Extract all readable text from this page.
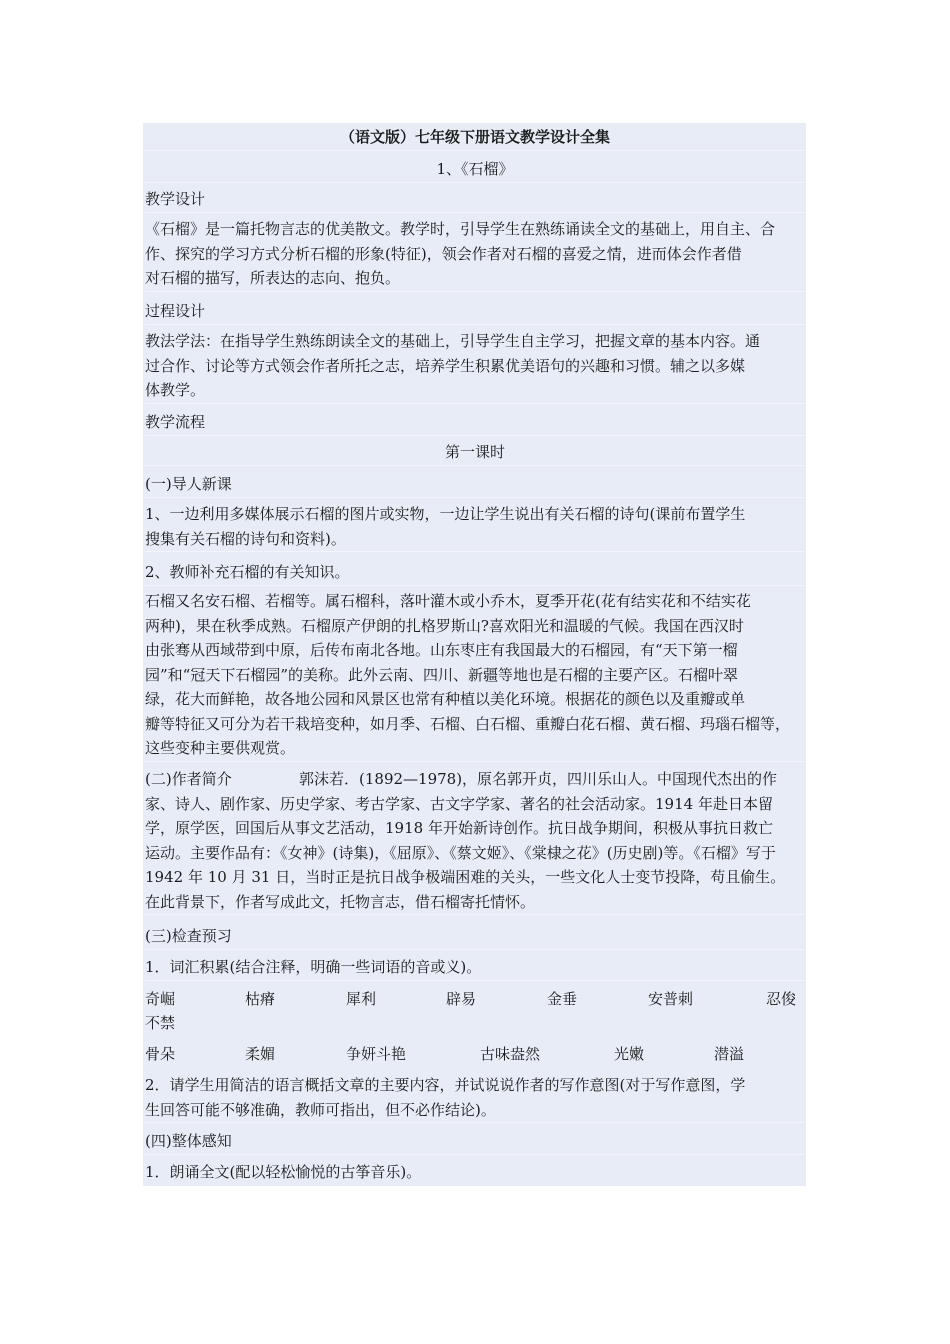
（语文版）七年级下册语文教学设计全集
1、《石榴》
教学设计
《石榴》是一篇托物言志的优美散文。教学时，引导学生在熟练诵读全文的基础上，用自主、合
作、探究的学习方式分析石榴的形象(特征)，领会作者对石榴的喜爱之情，进而体会作者借
对石榴的描写，所表达的志向、抱负。
过程设计
教法学法：在指导学生熟练朗读全文的基础上，引导学生自主学习，把握文章的基本内容。通
过合作、讨论等方式领会作者所托之志，培养学生积累优美语句的兴趣和习惯。辅之以多媒
体教学。
教学流程
第一课时
(一)导人新课
1、一边利用多媒体展示石榴的图片或实物，一边让学生说出有关石榴的诗句(课前布置学生
搜集有关石榴的诗句和资料)。
2、教师补充石榴的有关知识。
石榴又名安石榴、若榴等。属石榴科，落叶灌木或小乔木，夏季开花(花有结实花和不结实花
两种)，果在秋季成熟。石榴原产伊朗的扎格罗斯山?喜欢阳光和温暖的气候。我国在西汉时
由张骞从西域带到中原，后传布南北各地。山东枣庄有我国最大的石榴园，有“天下第一榴
园”和“冠天下石榴园”的美称。此外云南、四川、新疆等地也是石榴的主要产区。石榴叶翠
绿，花大而鲜艳，故各地公园和风景区也常有种植以美化环境。根据花的颜色以及重瓣或单
瓣等特征又可分为若干栽培变种，如月季、石榴、白石榴、重瓣白花石榴、黄石榴、玛瑙石榴等，
这些变种主要供观赏。
(二)作者简介	郭沫若．(1892—1978)，原名郭开贞，四川乐山人。中国现代杰出的作
家、诗人、剧作家、历史学家、考古学家、古文字学家、著名的社会活动家。1914 年赴日本留
学，原学医，回国后从事文艺活动，1918 年开始新诗创作。抗日战争期间，积极从事抗日救亡
运动。主要作品有：《女神》(诗集)，《屈原》、《蔡文姬》、《棠棣之花》(历史剧)等。《石榴》写于
1942 年 10 月 31 日，当时正是抗日战争极端困难的关头，一些文化人士变节投降，苟且偷生。
在此背景下，作者写成此文，托物言志，借石榴寄托情怀。
(三)检查预习
1．词汇积累(结合注释，明确一些词语的音或义)。
奇崛	枯瘠	犀利	辟易	金垂	安普刺	忍俊
不禁
骨朵	柔媚	争妍斗艳	古味盎然	光嫩	潜溢
2．请学生用简洁的语言概括文章的主要内容，并试说说作者的写作意图(对于写作意图，学
生回答可能不够准确，教师可指出，但不必作结论)。
(四)整体感知
1．朗诵全文(配以轻松愉悦的古筝音乐)。
